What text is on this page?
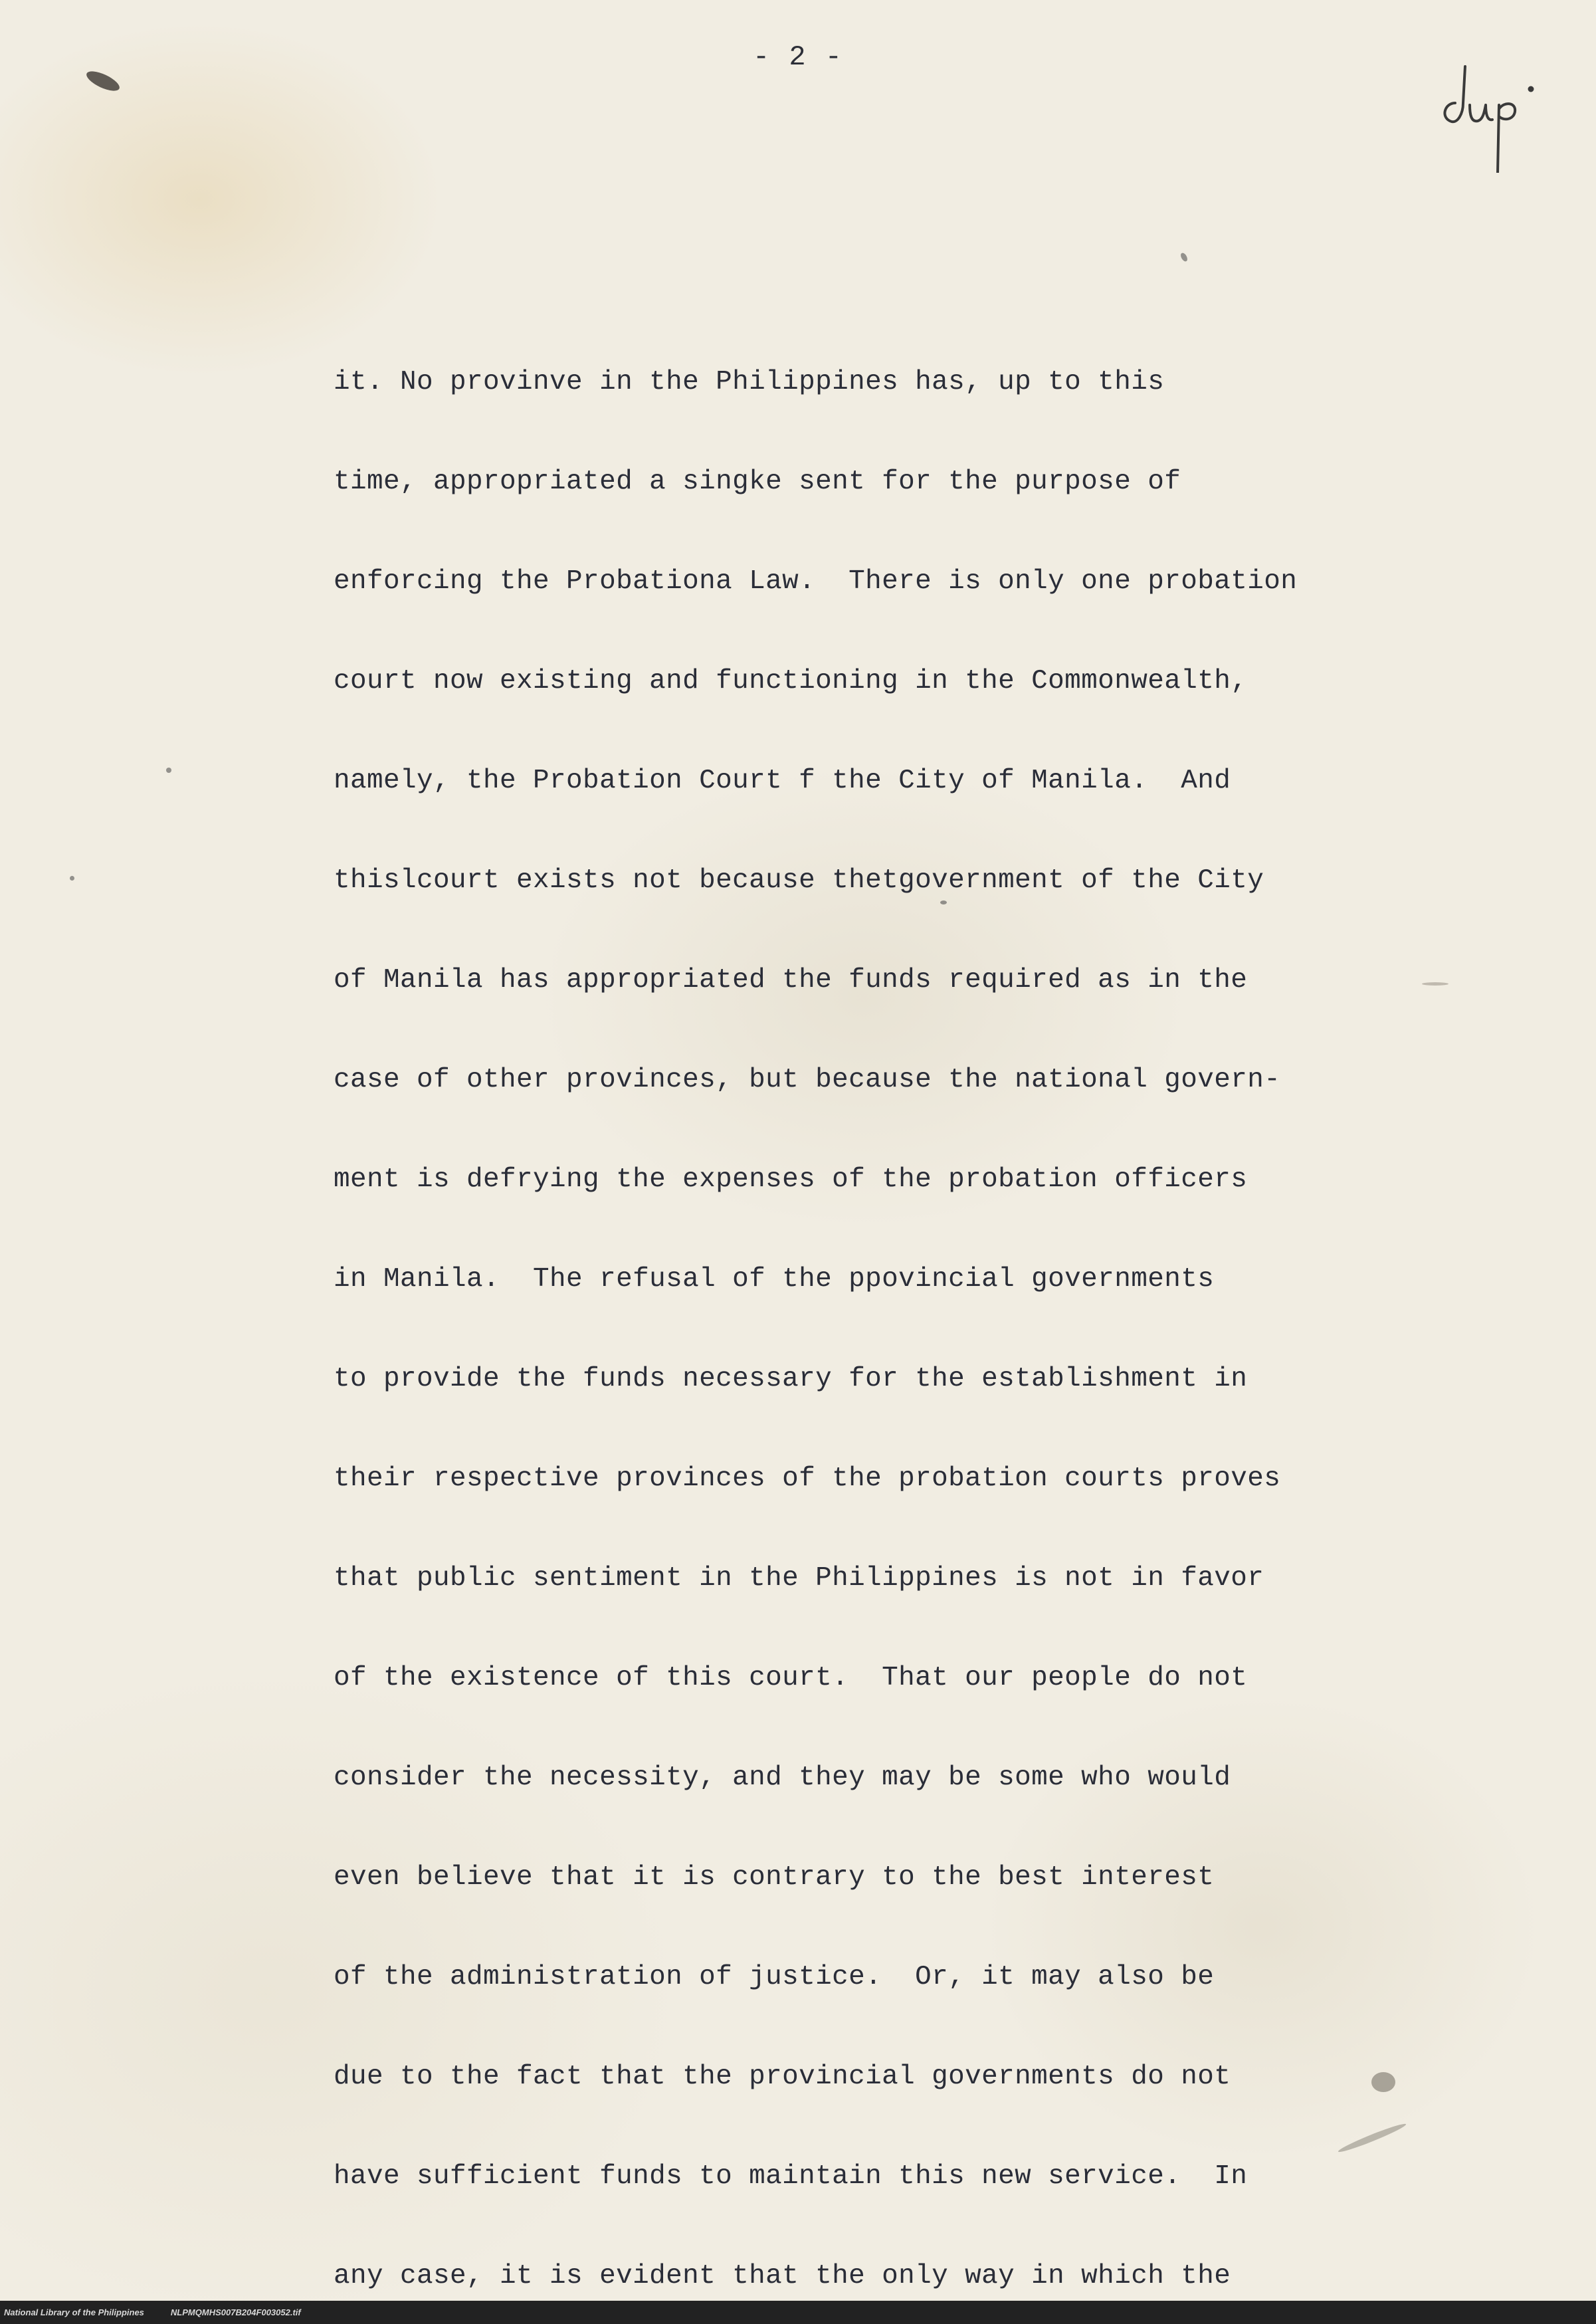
- 2 -
it. No provinve in the Philippines has, up to this
time, appropriated a singke sent for the purpose of
enforcing the Probationa Law.  There is only one probation
court now existing and functioning in the Commonwealth,
namely, the Probation Court f the City of Manila.  And
thislcourt exists not because thetgovernment of the City
of Manila has appropriated the funds required as in the
case of other provinces, but because the national govern-
ment is defrying the expenses of the probation officers
in Manila.  The refusal of the ppovincial governments
to provide the funds necessary for the establishment in
their respective provinces of the probation courts proves
that public sentiment in the Philippines is not in favor
of the existence of this court.  That our people do not
consider the necessity, and they may be some who would
even believe that it is contrary to the best interest
of the administration of justice.  Or, it may also be
due to the fact that the provincial governments do not
have sufficient funds to maintain this new service.  In
any case, it is evident that the only way in which the
National Library of the Philippines	NLPMQMHS007B204F003052.tif
